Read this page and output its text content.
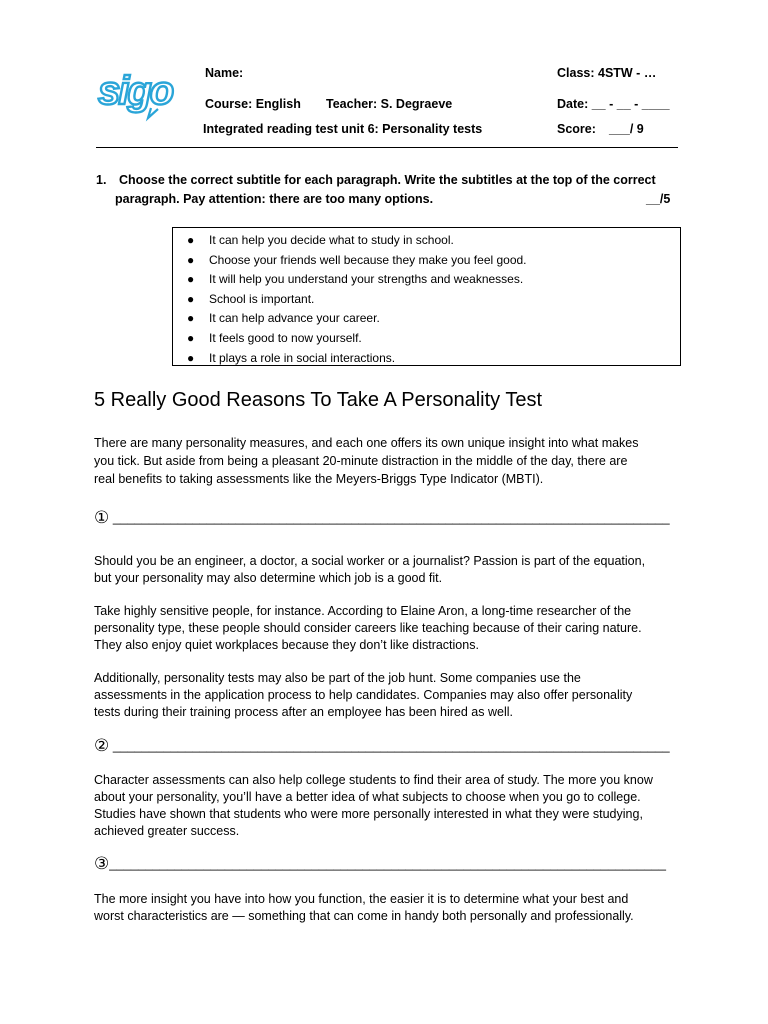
sigo	Name:	Class: 4STW - …
Course: English Teacher: S. Degraeve	Date: __ - __ - ____
Integrated reading test unit 6: Personality tests	Score: ___/ 9
1. Choose the correct subtitle for each paragraph. Write the subtitles at the top of the correct
paragraph. Pay attention: there are too many options.	__/5
● It can help you decide what to study in school.
● Choose your friends well because they make you feel good.
● It will help you understand your strengths and weaknesses.
● School is important.
● It can help advance your career.
● It feels good to now yourself.
● It plays a role in social interactions.
5 Really Good Reasons To Take A Personality Test
There are many personality measures, and each one offers its own unique insight into what makes
you tick. But aside from being a pleasant 20-minute distraction in the middle of the day, there are
real benefits to taking assessments like the Meyers-Briggs Type Indicator (MBTI).
① _____________________________________________________________________________
Should you be an engineer, a doctor, a social worker or a journalist? Passion is part of the equation,
but your personality may also determine which job is a good fit.
Take highly sensitive people, for instance. According to Elaine Aron, a long-time researcher of the
personality type, these people should consider careers like teaching because of their caring nature.
They also enjoy quiet workplaces because they don’t like distractions.
Additionally, personality tests may also be part of the job hunt. Some companies use the
assessments in the application process to help candidates. Companies may also offer personality
tests during their training process after an employee has been hired as well.
② _____________________________________________________________________________
Character assessments can also help college students to find their area of study. The more you know
about your personality, you’ll have a better idea of what subjects to choose when you go to college.
Studies have shown that students who were more personally interested in what they were studying,
achieved greater success.
③_____________________________________________________________________________
The more insight you have into how you function, the easier it is to determine what your best and
worst characteristics are — something that can come in handy both personally and professionally.
